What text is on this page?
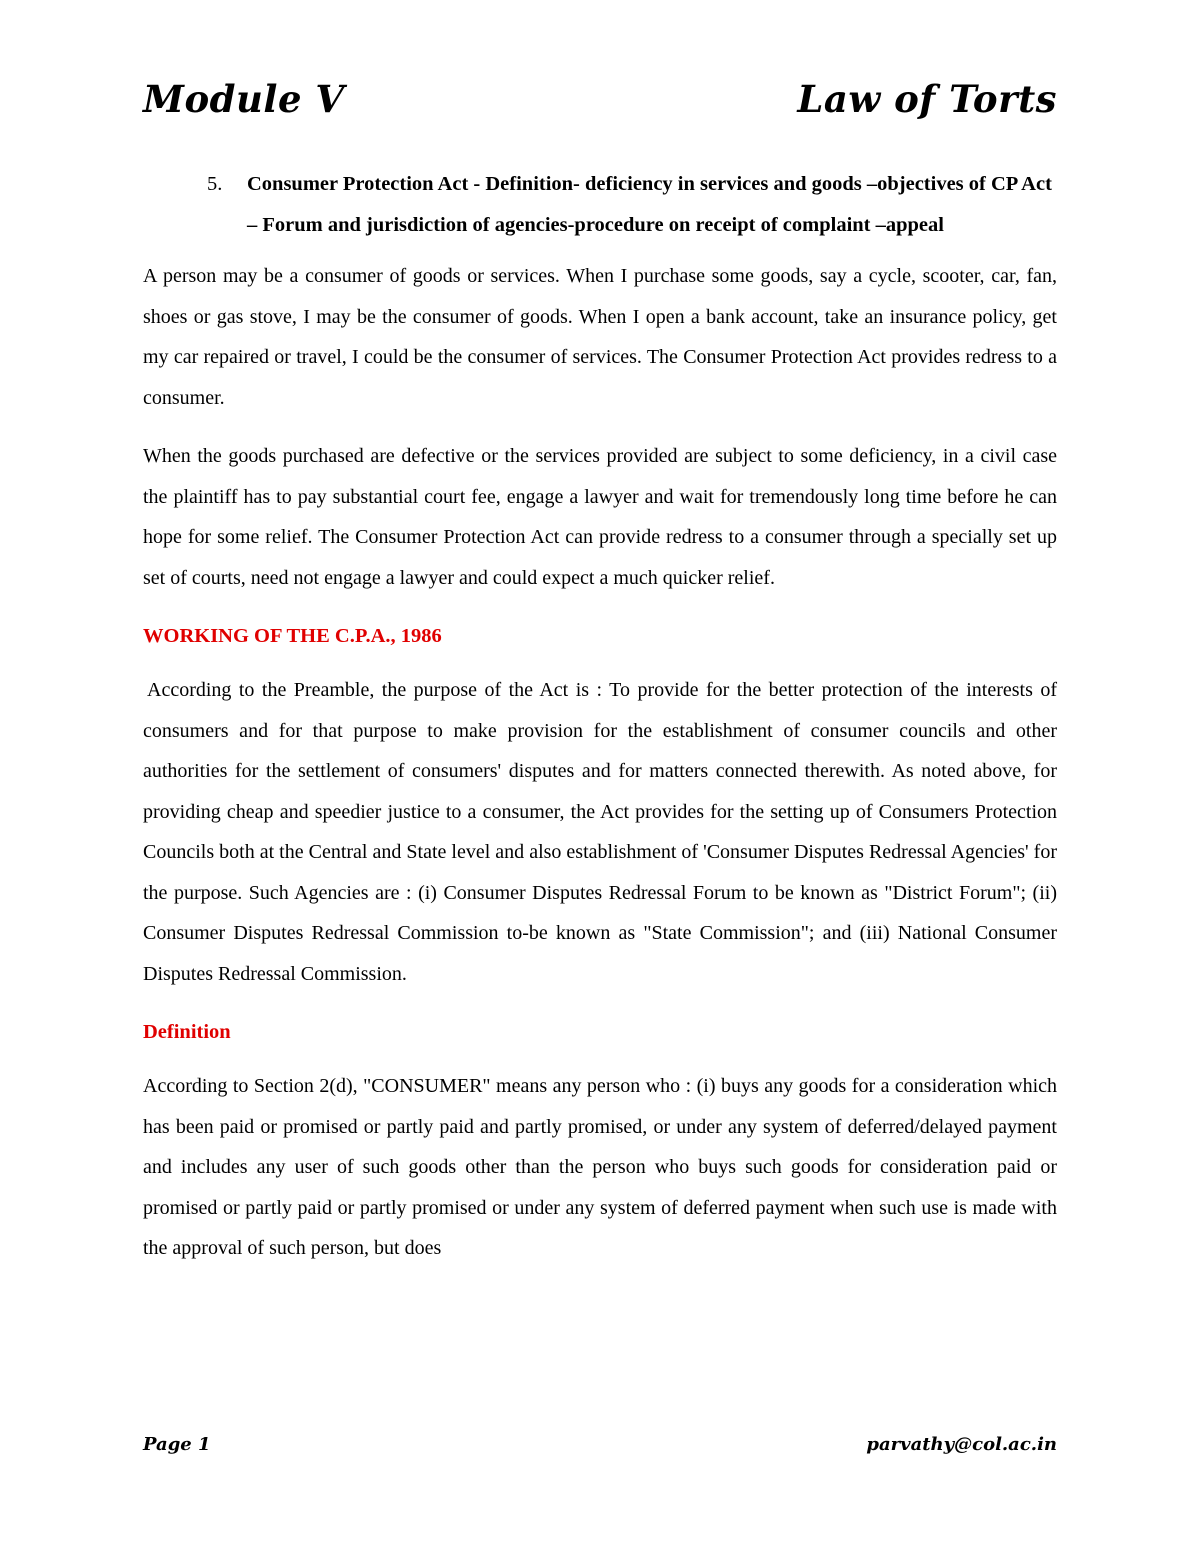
Module V	Law of Torts
5.	Consumer Protection Act - Definition- deficiency in services and goods –objectives of CP Act – Forum and jurisdiction of agencies-procedure on receipt of complaint –appeal

A person may be a consumer of goods or services. When I purchase some goods, say a cycle, scooter, car, fan, shoes or gas stove, I may be the consumer of goods. When I open a bank account, take an insurance policy, get my car repaired or travel, I could be the consumer of services. The Consumer Protection Act provides redress to a consumer.

When the goods purchased are defective or the services provided are subject to some deficiency, in a civil case the plaintiff has to pay substantial court fee, engage a lawyer and wait for tremendously long time before he can hope for some relief. The Consumer Protection Act can provide redress to a consumer through a specially set up set of courts, need not engage a lawyer and could expect a much quicker relief.

WORKING OF THE C.P.A., 1986

According to the Preamble, the purpose of the Act is : To provide for the better protection of the interests of consumers and for that purpose to make provision for the establishment of consumer councils and other authorities for the settlement of consumers' disputes and for matters connected therewith. As noted above, for providing cheap and speedier justice to a consumer, the Act provides for the setting up of Consumers Protection Councils both at the Central and State level and also establishment of 'Consumer Disputes Redressal Agencies' for the purpose. Such Agencies are : (i) Consumer Disputes Redressal Forum to be known as "District Forum"; (ii) Consumer Disputes Redressal Commission to-be known as "State Commission"; and (iii) National Consumer Disputes Redressal Commission.

Definition

According to Section 2(d), "CONSUMER" means any person who : (i) buys any goods for a consideration which has been paid or promised or partly paid and partly promised, or under any system of deferred/delayed payment and includes any user of such goods other than the person who buys such goods for consideration paid or promised or partly paid or partly promised or under any system of deferred payment when such use is made with the approval of such person, but does

Page 1	parvathy@col.ac.in
